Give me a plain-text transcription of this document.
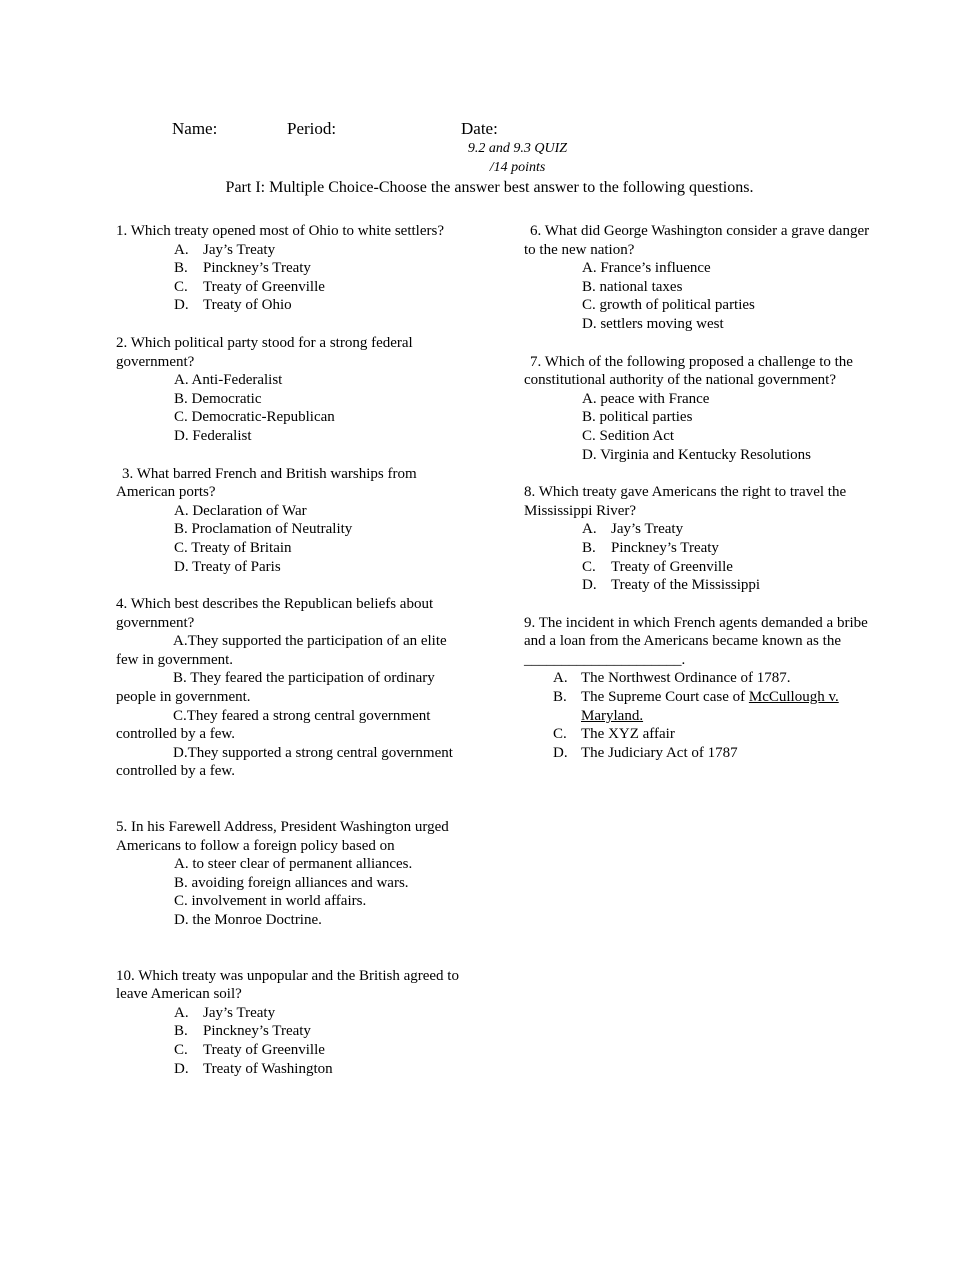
Name:	Period:	Date:
9.2 and 9.3 QUIZ
/14 points
Part I: Multiple Choice-Choose the answer best answer to the following questions.

1. Which treaty opened most of Ohio to white settlers?

A. Jay’s Treaty

B. Pinckney’s Treaty

C. Treaty of Greenville

D. Treaty of Ohio

2. Which political party stood for a strong federal government?

A. Anti-Federalist

B. Democratic

C. Democratic-Republican

D. Federalist

3. What barred French and British warships from American ports?

A. Declaration of War

B. Proclamation of Neutrality

C. Treaty of Britain

D. Treaty of Paris

4. Which best describes the Republican beliefs about government?

A.They supported the participation of an elite few in government.

B. They feared the participation of ordinary people in government.

C.They feared a strong central government controlled by a few.

D.They supported a strong central government controlled by a few.

5. In his Farewell Address, President Washington urged Americans to follow a foreign policy based on

A. to steer clear of permanent alliances.

B. avoiding foreign alliances and wars.

C. involvement in world affairs.

D. the Monroe Doctrine.

10. Which treaty was unpopular and the British agreed to leave American soil?

A. Jay’s Treaty

B. Pinckney’s Treaty

C. Treaty of Greenville

D. Treaty of Washington

6. What did George Washington consider a grave danger to the new nation?

A. France’s influence

B. national taxes

C. growth of political parties

D. settlers moving west

7. Which of the following proposed a challenge to the constitutional authority of the national government?

A. peace with France

B. political parties

C. Sedition Act

D. Virginia and Kentucky Resolutions

8. Which treaty gave Americans the right to travel the Mississippi River?

A. Jay’s Treaty

B. Pinckney’s Treaty

C. Treaty of Greenville

D. Treaty of the Mississippi

9. The incident in which French agents demanded a bribe and a loan from the Americans became known as the _____________________.

A. The Northwest Ordinance of 1787.

B. The Supreme Court case of McCullough v. Maryland.

C. The XYZ affair

D. The Judiciary Act of 1787
